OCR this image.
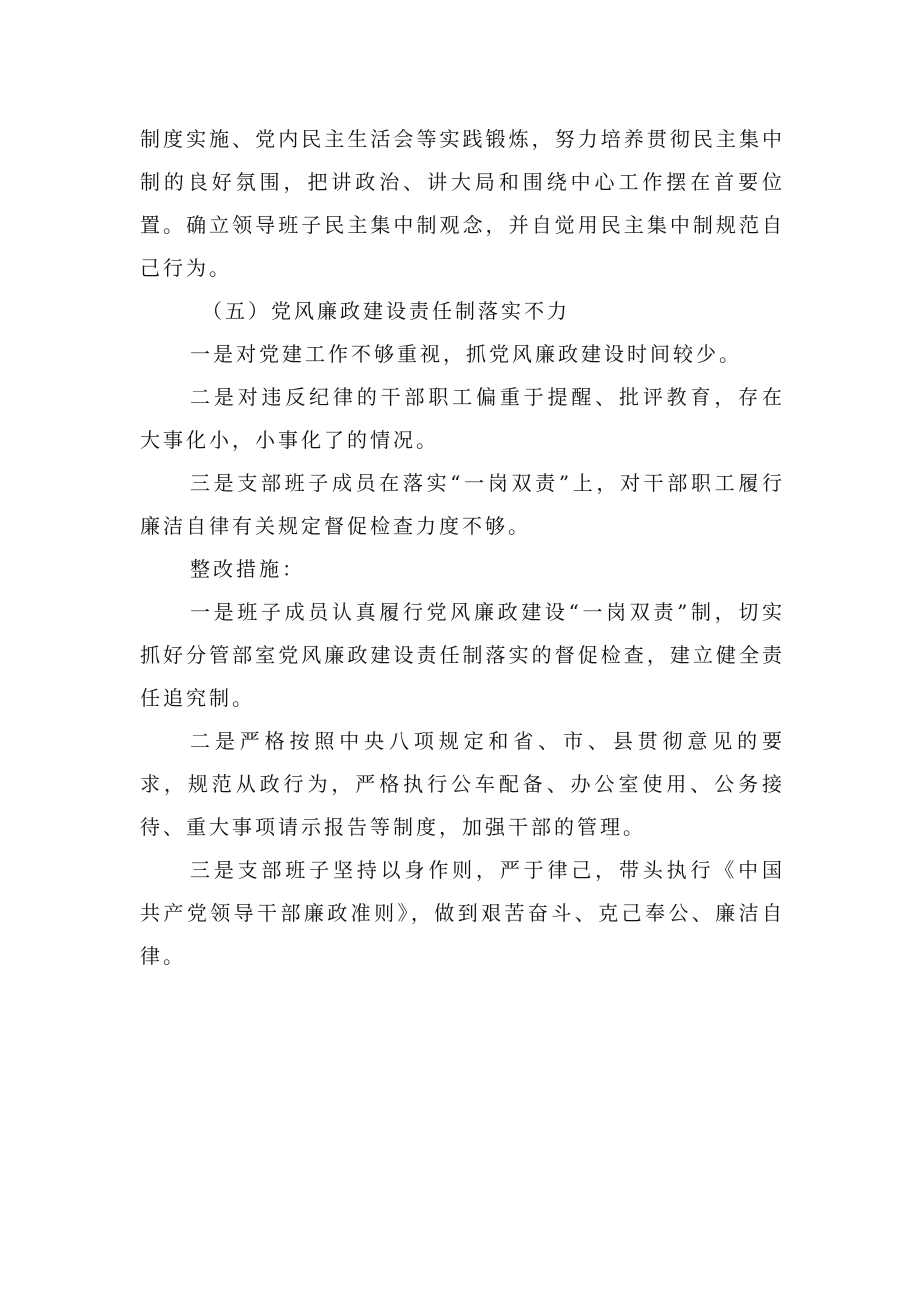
制度实施、党内民主生活会等实践锻炼，努力培养贯彻民主集中制的良好氛围，把讲政治、讲大局和围绕中心工作摆在首要位置。确立领导班子民主集中制观念，并自觉用民主集中制规范自己行为。

（五）党风廉政建设责任制落实不力

一是对党建工作不够重视，抓党风廉政建设时间较少。

二是对违反纪律的干部职工偏重于提醒、批评教育，存在大事化小，小事化了的情况。

三是支部班子成员在落实“一岗双责”上，对干部职工履行廉洁自律有关规定督促检查力度不够。

整改措施：

一是班子成员认真履行党风廉政建设“一岗双责”制，切实抓好分管部室党风廉政建设责任制落实的督促检查，建立健全责任追究制。

二是严格按照中央八项规定和省、市、县贯彻意见的要求，规范从政行为，严格执行公车配备、办公室使用、公务接待、重大事项请示报告等制度，加强干部的管理。

三是支部班子坚持以身作则，严于律己，带头执行《中国共产党领导干部廉政准则》，做到艰苦奋斗、克己奉公、廉洁自律。
